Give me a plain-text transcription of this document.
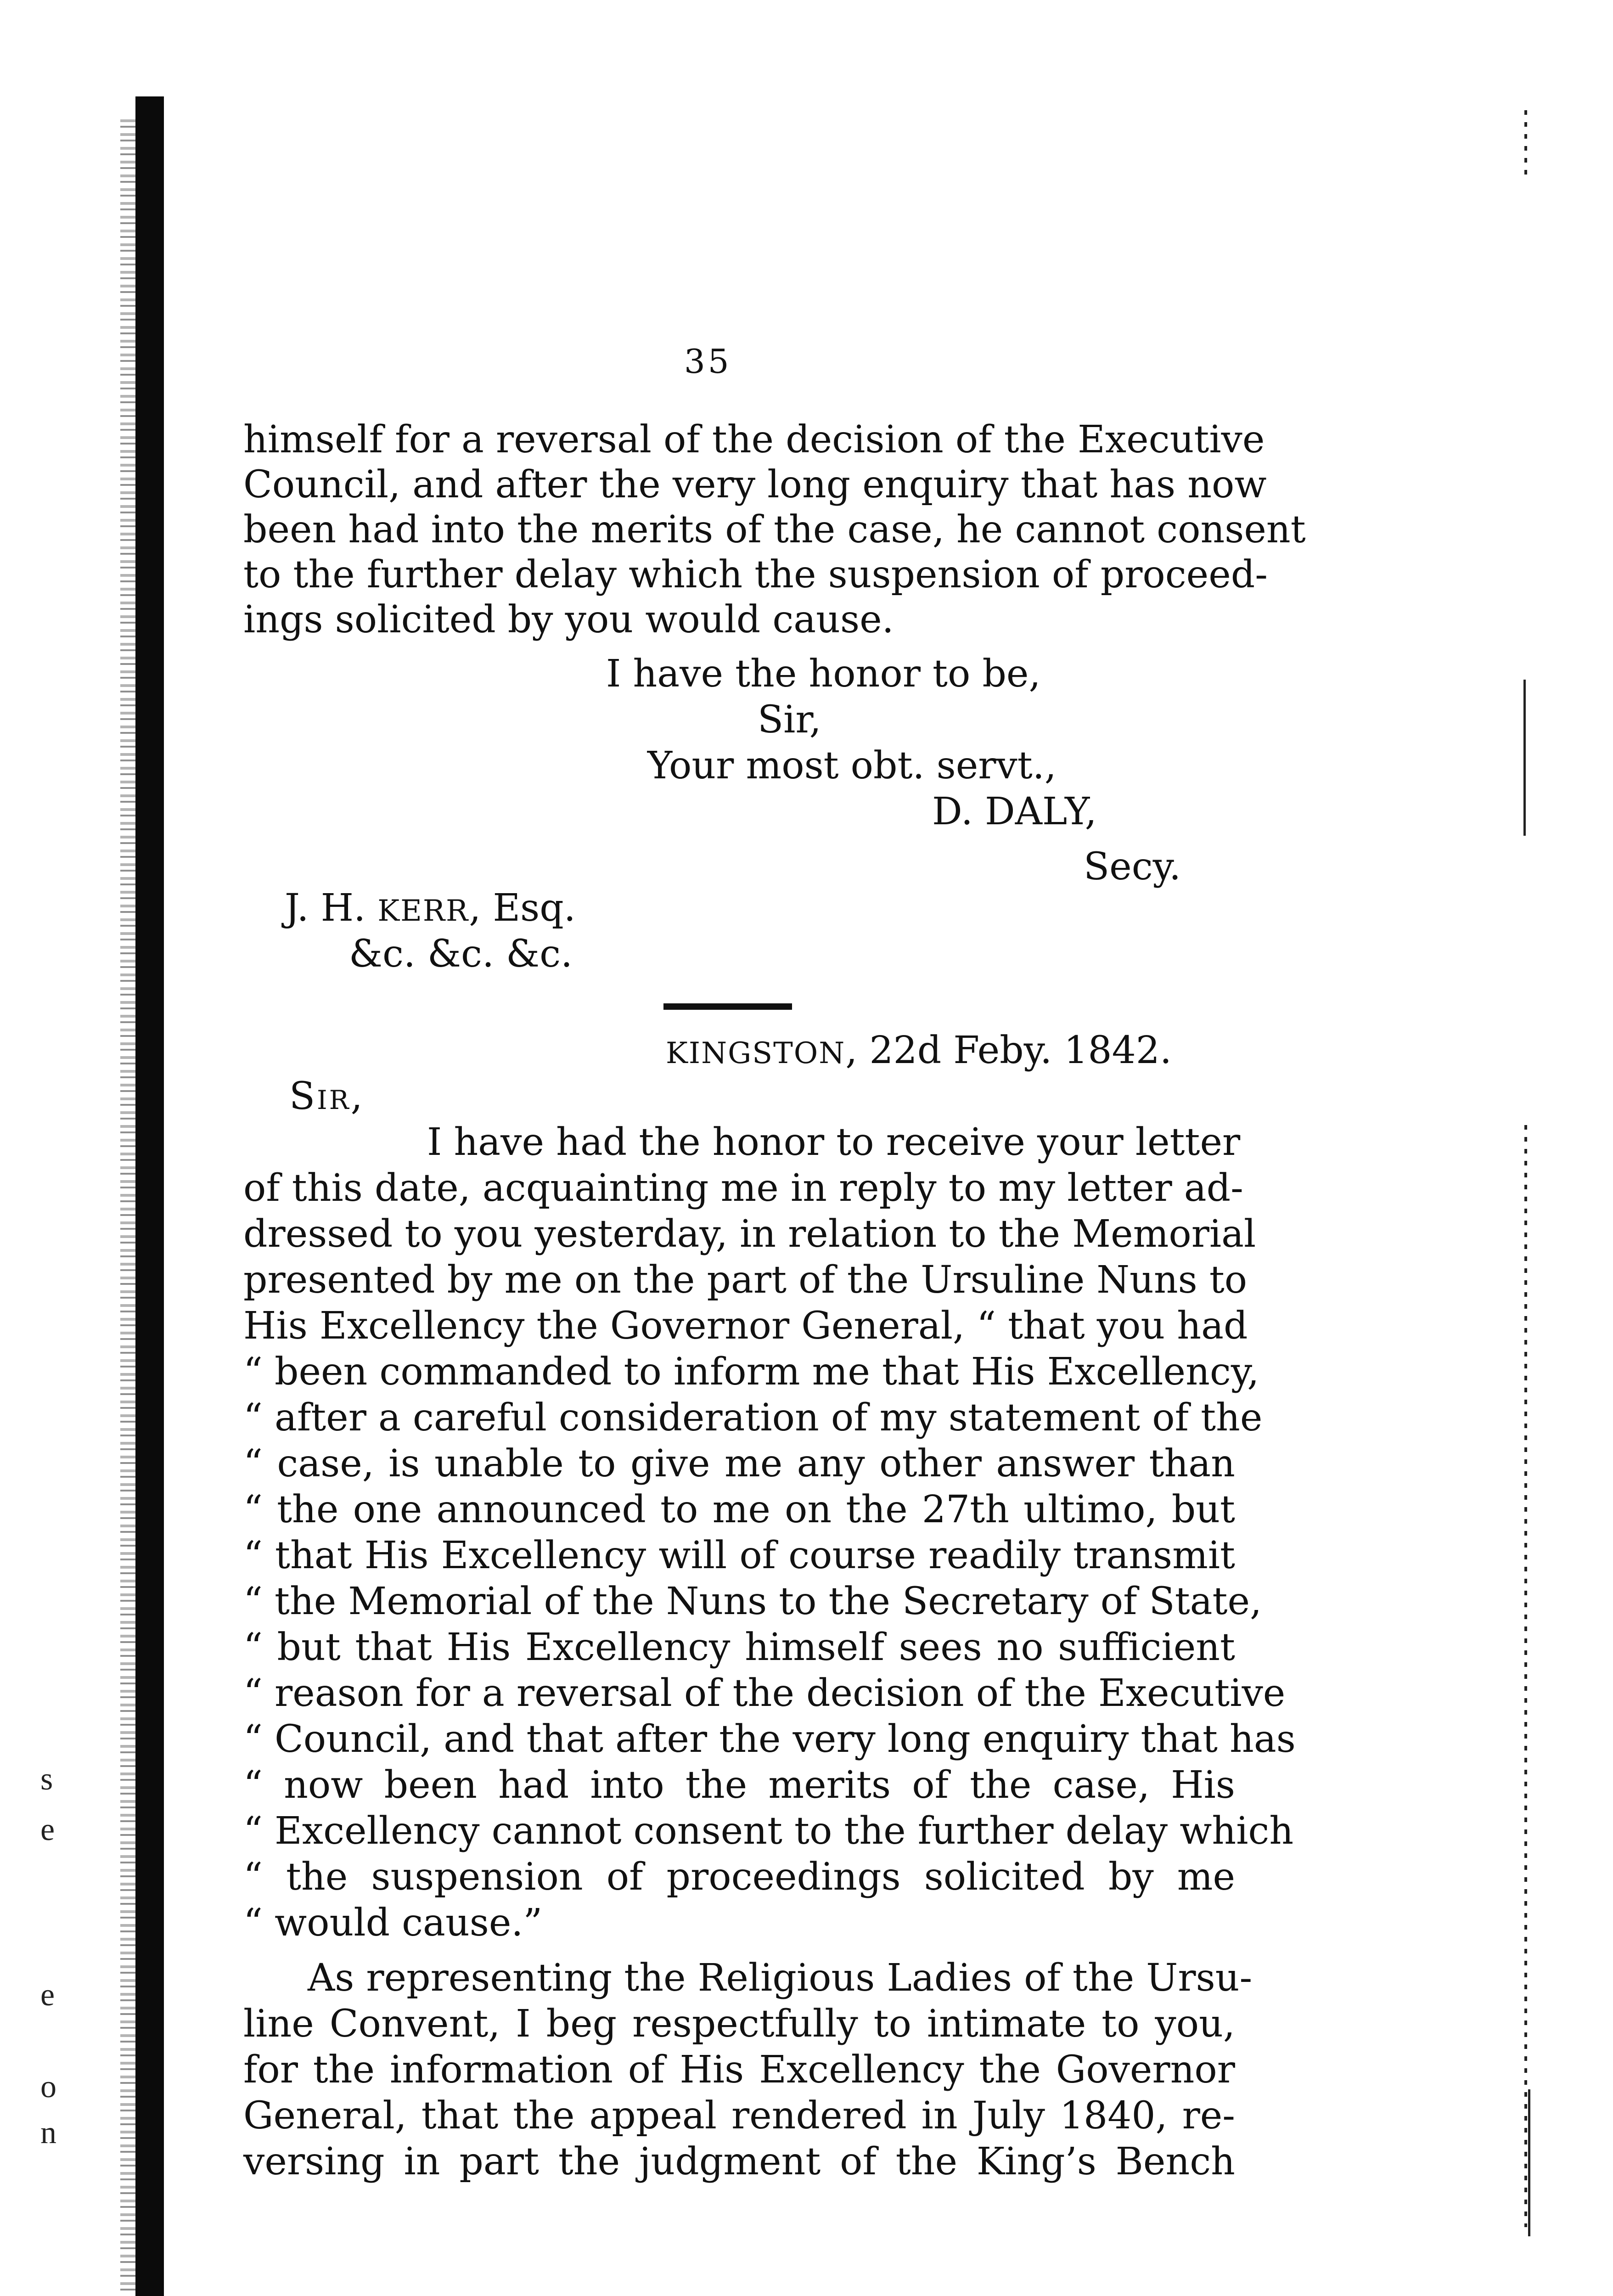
s
e
e
o
n
35
himself for a reversal of the decision of the Executive
Council, and after the very long enquiry that has now
been had into the merits of the case, he cannot consent
to the further delay which the suspension of proceed-
ings solicited by you would cause.
I have the honor to be,
Sir,
Your most obt. servt.,
D. DALY,
Secy.
J. H. KERR, Esq.
&c. &c. &c.
KINGSTON, 22d Feby. 1842.
Sir,
I have had the honor to receive your letter
of this date, acquainting me in reply to my letter ad-
dressed to you yesterday, in relation to the Memorial
presented by me on the part of the Ursuline Nuns to
His Excellency the Governor General, “ that you had
“ been commanded to inform me that His Excellency,
“ after a careful consideration of my statement of the
“ case, is unable to give me any other answer than
“ the one announced to me on the 27th ultimo, but
“ that His Excellency will of course readily transmit
“ the Memorial of the Nuns to the Secretary of State,
“ but that His Excellency himself sees no sufficient
“ reason for a reversal of the decision of the Executive
“ Council, and that after the very long enquiry that has
“ now been had into the merits of the case, His
“ Excellency cannot consent to the further delay which
“ the suspension of proceedings solicited by me
“ would cause.”
As representing the Religious Ladies of the Ursu-
line Convent, I beg respectfully to intimate to you,
for the information of His Excellency the Governor
General, that the appeal rendered in July 1840, re-
versing in part the judgment of the King’s Bench
